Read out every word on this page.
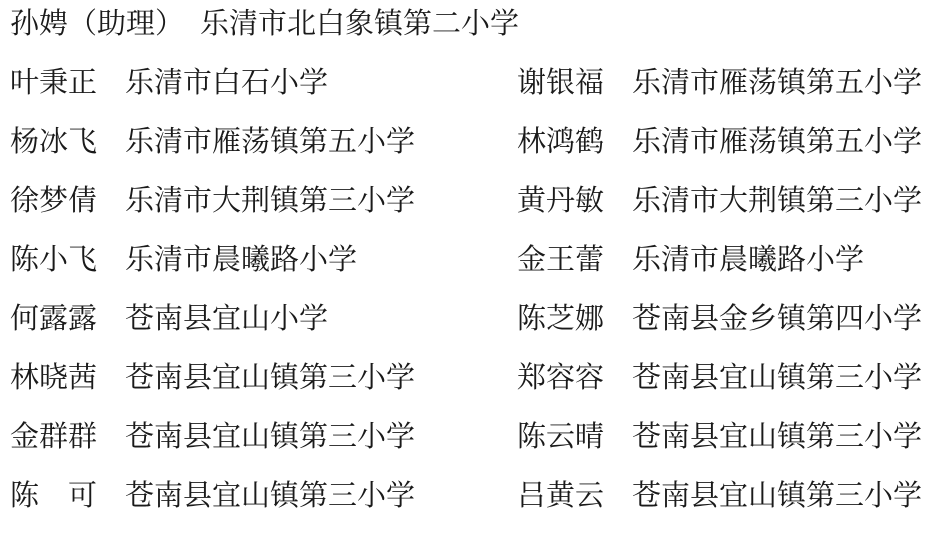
孙娉（助理） 乐清市北白象镇第二小学
叶秉正 乐清市白石小学	谢银福 乐清市雁荡镇第五小学
杨冰飞 乐清市雁荡镇第五小学	林鸿鹤 乐清市雁荡镇第五小学
徐梦倩 乐清市大荆镇第三小学	黄丹敏 乐清市大荆镇第三小学
陈小飞 乐清市晨曦路小学	金王蕾 乐清市晨曦路小学
何露露 苍南县宜山小学	陈芝娜 苍南县金乡镇第四小学
林晓茜 苍南县宜山镇第三小学	郑容容 苍南县宜山镇第三小学
金群群 苍南县宜山镇第三小学	陈云晴 苍南县宜山镇第三小学
陈　可 苍南县宜山镇第三小学	吕黄云 苍南县宜山镇第三小学
